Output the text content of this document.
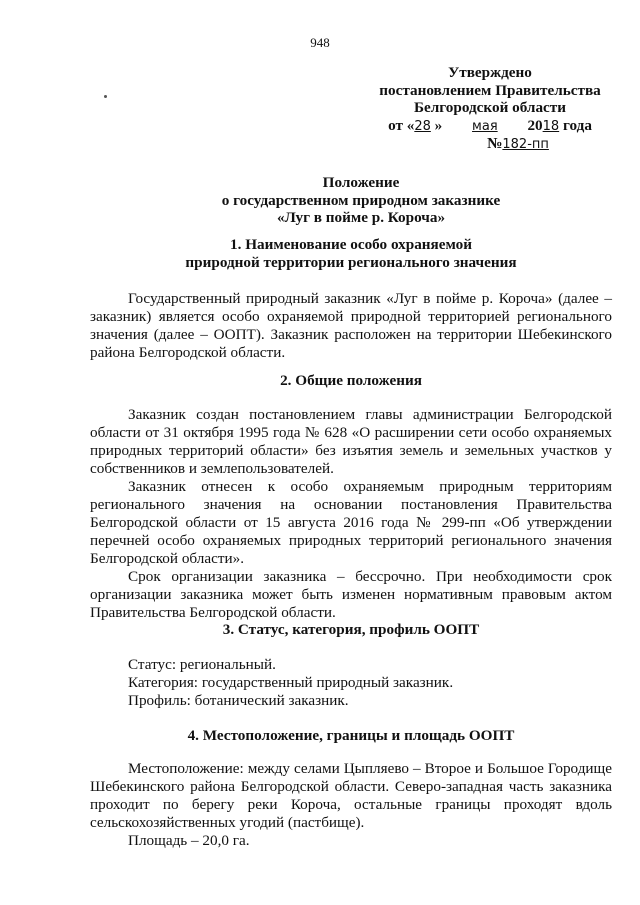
948
Утверждено
постановлением Правительства
Белгородской области
от «28 » мая 2018 года
№182-пп
Положение
о государственном природном заказнике
«Луг в пойме р. Корочa»
1. Наименование особо охраняемой
природной территории регионального значения
Государственный природный заказник «Луг в пойме р. Короча» (далее – заказник) является особо охраняемой природной территорией регионального значения (далее – ООПТ). Заказник расположен на территории Шебекинского района Белгородской области.
2. Общие положения
Заказник создан постановлением главы администрации Белгородской области от 31 октября 1995 года № 628 «О расширении сети особо охраняемых природных территорий области» без изъятия земель и земельных участков у собственников и землепользователей.
Заказник отнесен к особо охраняемым природным территориям регионального значения на основании постановления Правительства Белгородской области от 15 августа 2016 года № 299-пп «Об утверждении перечней особо охраняемых природных территорий регионального значения Белгородской области».
Срок организации заказника – бессрочно. При необходимости срок организации заказника может быть изменен нормативным правовым актом Правительства Белгородской области.
3. Статус, категория, профиль ООПТ
Статус: региональный.
Категория: государственный природный заказник.
Профиль: ботанический заказник.
4. Местоположение, границы и площадь ООПТ
Местоположение: между селами Цыпляево – Второе и Большое Городище Шебекинского района Белгородской области. Северо-западная часть заказника проходит по берегу реки Короча, остальные границы проходят вдоль сельскохозяйственных угодий (пастбище).
Площадь – 20,0 га.
